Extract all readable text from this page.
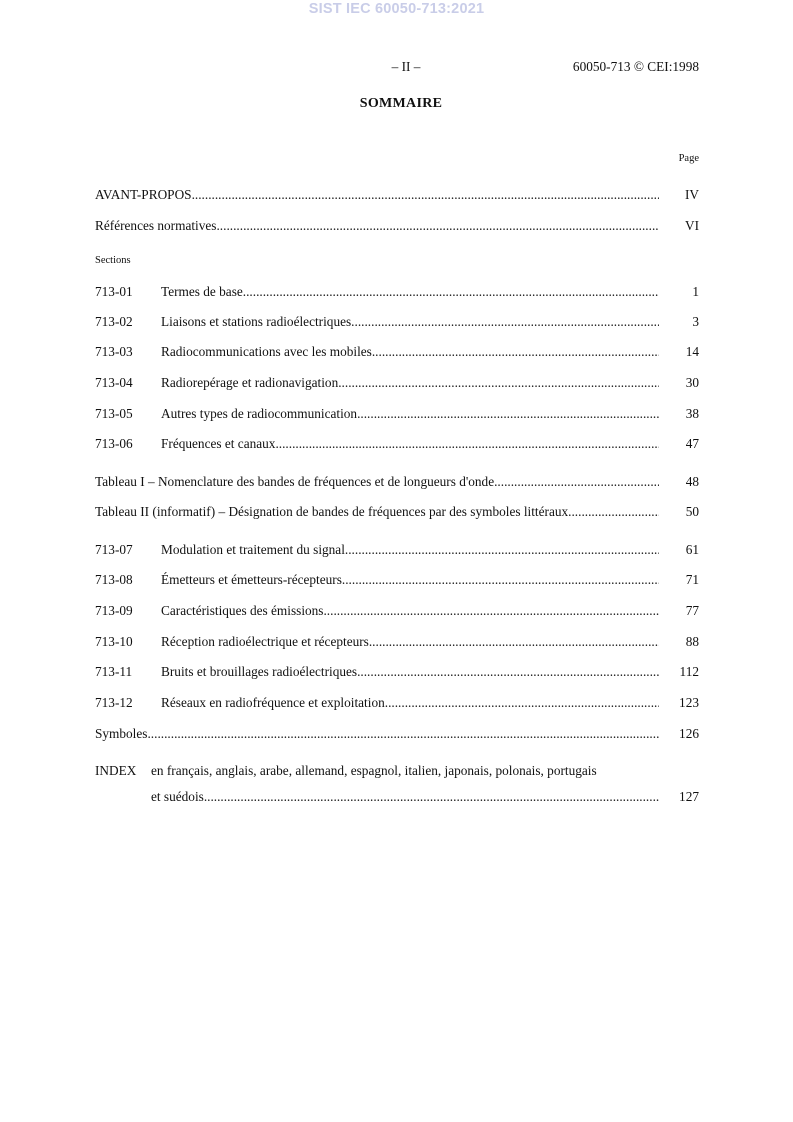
SIST IEC 60050-713:2021
– II –	60050-713 © CEI:1998
SOMMAIRE
Page
AVANT-PROPOS .....	IV
Références normatives .....	VI
Sections
713-01	Termes de base .....	1
713-02	Liaisons et stations radioélectriques .....	3
713-03	Radiocommunications avec les mobiles .....	14
713-04	Radiorepérage et radionavigation .....	30
713-05	Autres types de radiocommunication .....	38
713-06	Fréquences et canaux .....	47
Tableau I – Nomenclature des bandes de fréquences et de longueurs d'onde .....	48
Tableau II (informatif) – Désignation de bandes de fréquences par des symboles littéraux .....	50
713-07	Modulation et traitement du signal .....	61
713-08	Émetteurs et émetteurs-récepteurs .....	71
713-09	Caractéristiques des émissions .....	77
713-10	Réception radioélectrique et récepteurs .....	88
713-11	Bruits et brouillages radioélectriques .....	112
713-12	Réseaux en radiofréquence et exploitation .....	123
Symboles .....	126
INDEX en français, anglais, arabe, allemand, espagnol, italien, japonais, polonais, portugais
et suédois .....	127
